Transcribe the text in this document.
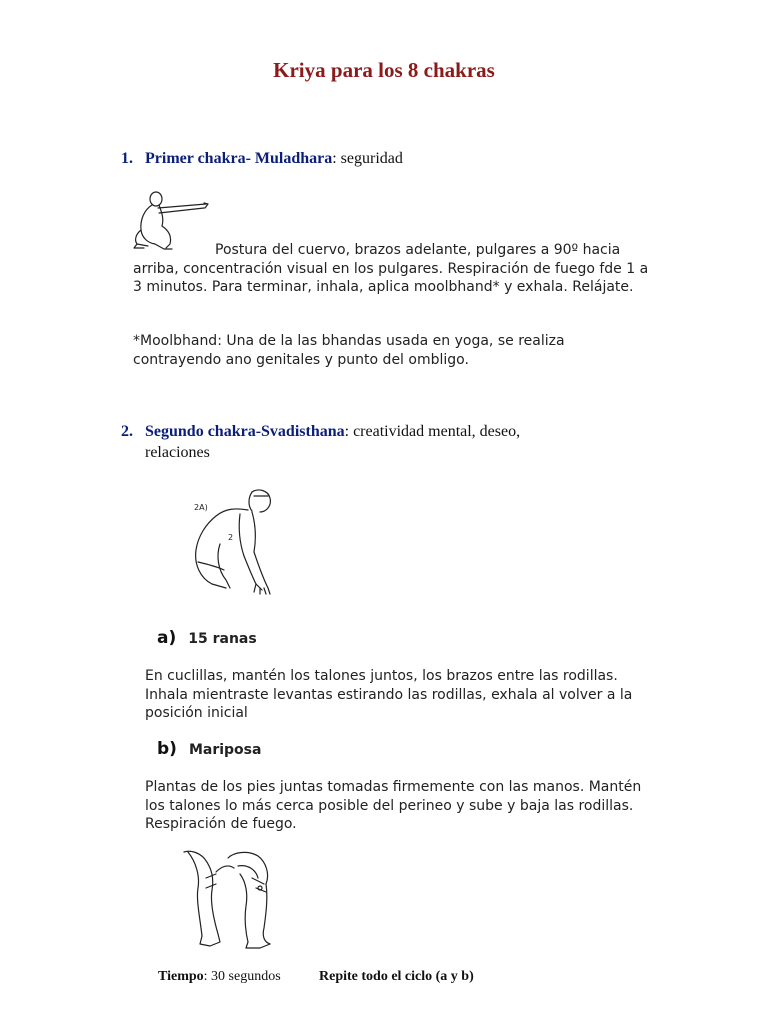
Kriya para los 8 chakras
1. Primer chakra- Muladhara: seguridad
Postura del cuervo, brazos adelante, pulgares a 90º hacia arriba, concentración visual en los pulgares. Respiración de fuego fde 1 a 3 minutos. Para terminar, inhala, aplica moolbhand* y exhala. Relájate.
*Moolbhand: Una de la las bhandas usada en yoga, se realiza contrayendo ano genitales y punto del ombligo.
2. Segundo chakra-Svadisthana: creatividad mental, deseo,
relaciones
2A)
2
a) 15 ranas
En cuclillas, mantén los talones juntos, los brazos entre las rodillas. Inhala mientraste levantas estirando las rodillas, exhala al volver a la posición inicial
b) Mariposa
Plantas de los pies juntas tomadas firmemente con las manos. Mantén los talones lo más cerca posible del perineo y sube y baja las rodillas. Respiración de fuego.
Tiempo: 30 segundos	Repite todo el ciclo (a y b)
